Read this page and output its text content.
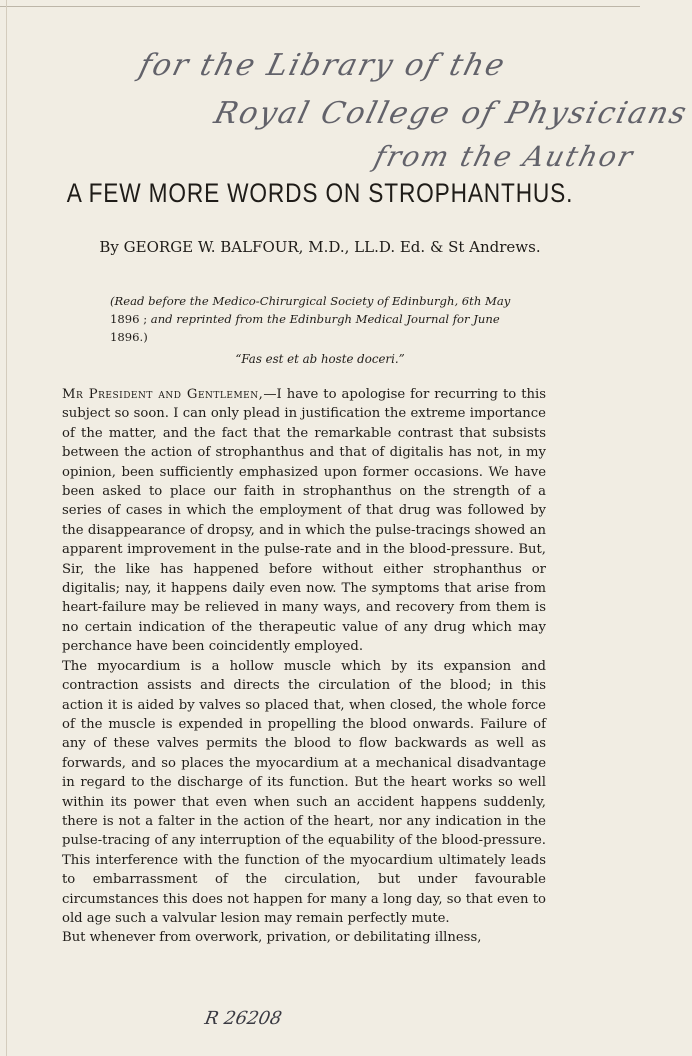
for the Library of the
Royal College of Physicians
from the Author
A FEW MORE WORDS ON STROPHANTHUS.
By GEORGE W. BALFOUR, M.D., LL.D. Ed. & St Andrews.
(Read before the Medico-Chirurgical Society of Edinburgh, 6th May 1896 ; and reprinted from the Edinburgh Medical Journal for June 1896.)
“Fas est et ab hoste doceri.”

Mr President and Gentlemen,—I have to apologise for recurring to this subject so soon. I can only plead in justification the extreme importance of the matter, and the fact that the remarkable contrast that subsists between the action of strophanthus and that of digitalis has not, in my opinion, been sufficiently emphasized upon former occasions. We have been asked to place our faith in strophanthus on the strength of a series of cases in which the employment of that drug was followed by the disappearance of dropsy, and in which the pulse-tracings showed an apparent improvement in the pulse-rate and in the blood-pressure. But, Sir, the like has happened before without either strophanthus or digitalis; nay, it happens daily even now. The symptoms that arise from heart-failure may be relieved in many ways, and recovery from them is no certain indication of the therapeutic value of any drug which may perchance have been coincidently employed.

The myocardium is a hollow muscle which by its expansion and contraction assists and directs the circulation of the blood; in this action it is aided by valves so placed that, when closed, the whole force of the muscle is expended in propelling the blood onwards. Failure of any of these valves permits the blood to flow backwards as well as forwards, and so places the myocardium at a mechanical disadvantage in regard to the discharge of its function. But the heart works so well within its power that even when such an accident happens suddenly, there is not a falter in the action of the heart, nor any indication in the pulse-tracing of any interruption of the equability of the blood-pressure. This interference with the function of the myocardium ultimately leads to embarrassment of the circulation, but under favourable circumstances this does not happen for many a long day, so that even to old age such a valvular lesion may remain perfectly mute.

But whenever from overwork, privation, or debilitating illness,

R 26208
